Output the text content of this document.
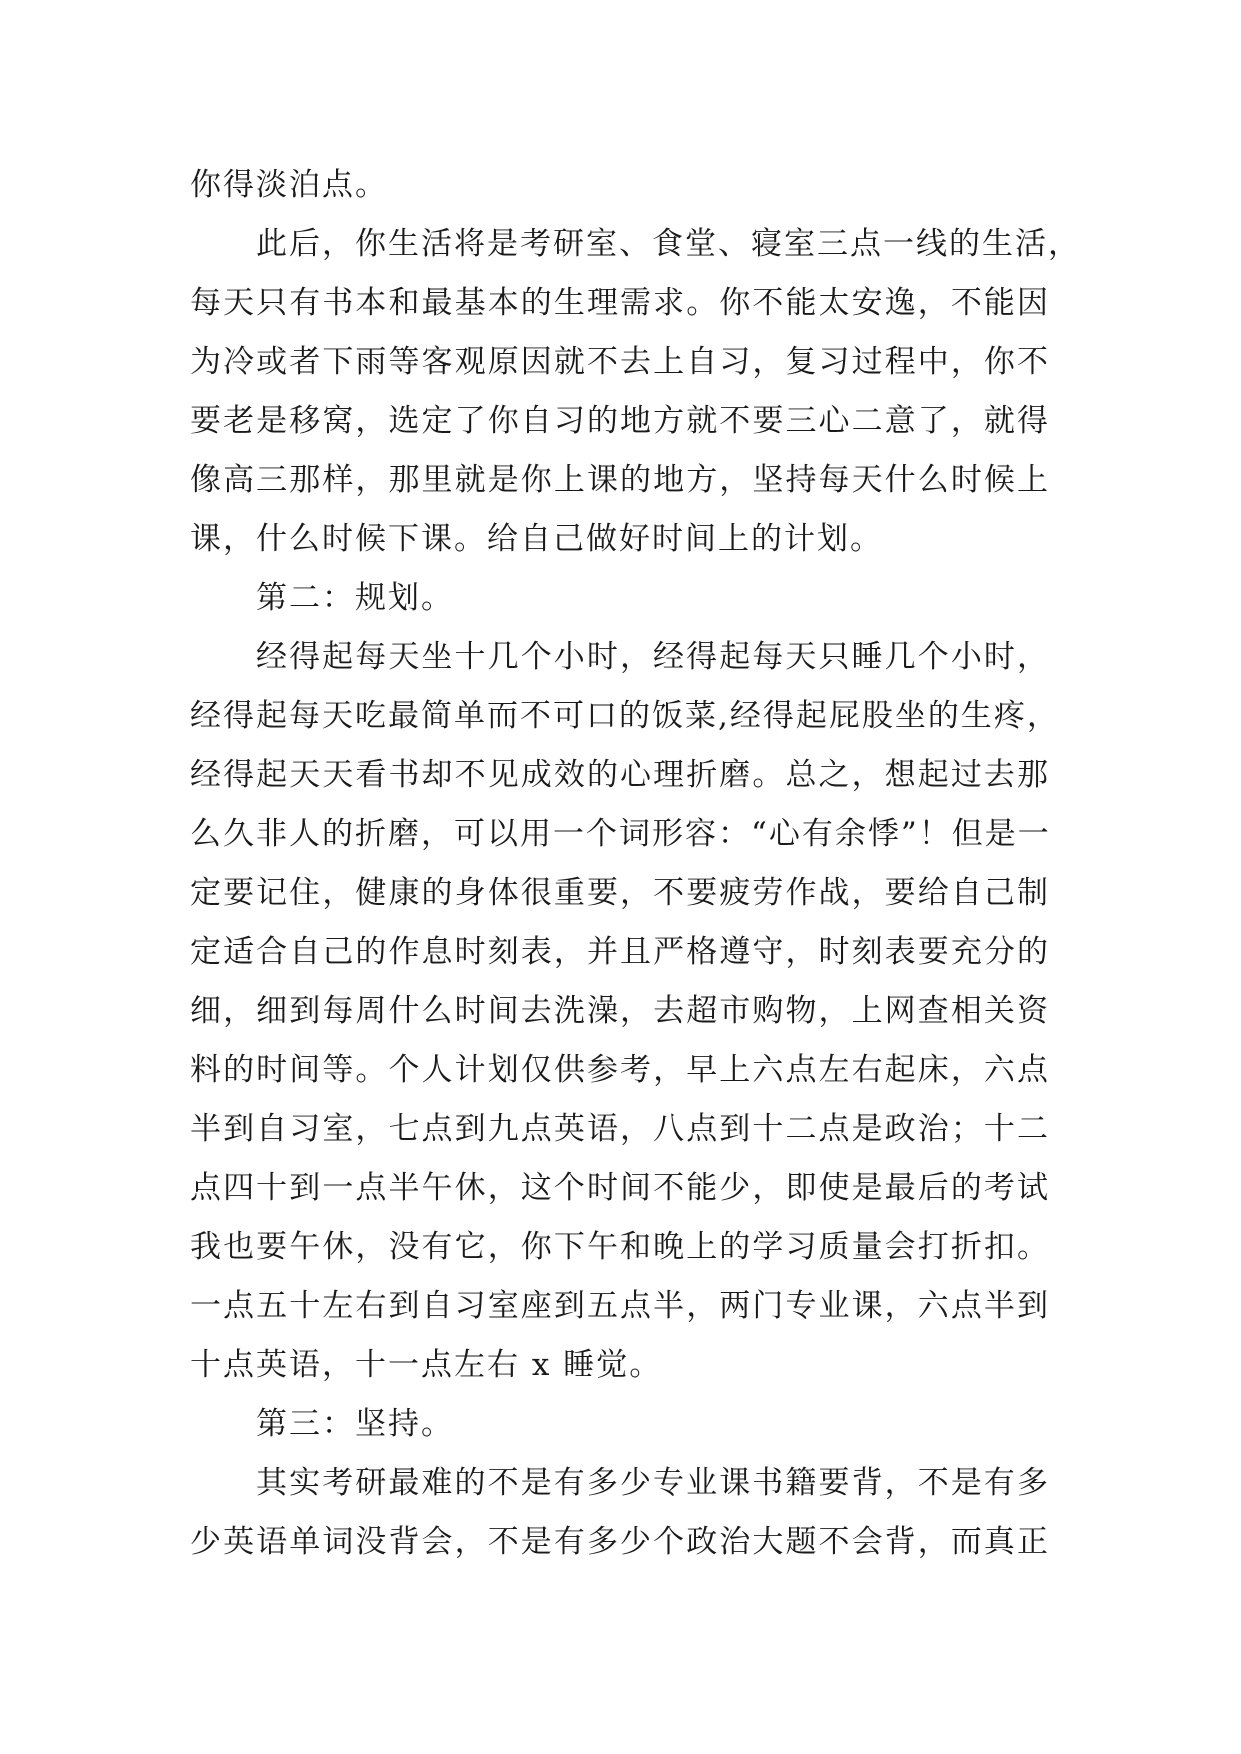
你得淡泊点。
此后，你生活将是考研室、食堂、寝室三点一线的生活，
每天只有书本和最基本的生理需求。你不能太安逸，不能因
为冷或者下雨等客观原因就不去上自习，复习过程中，你不
要老是移窝，选定了你自习的地方就不要三心二意了，就得
像高三那样，那里就是你上课的地方，坚持每天什么时候上
课，什么时候下课。给自己做好时间上的计划。
第二：规划。
经得起每天坐十几个小时，经得起每天只睡几个小时，
经得起每天吃最简单而不可口的饭菜,经得起屁股坐的生疼，
经得起天天看书却不见成效的心理折磨。总之，想起过去那
么久非人的折磨，可以用一个词形容：“心有余悸”！但是一
定要记住，健康的身体很重要，不要疲劳作战，要给自己制
定适合自己的作息时刻表，并且严格遵守，时刻表要充分的
细，细到每周什么时间去洗澡，去超市购物，上网查相关资
料的时间等。个人计划仅供参考，早上六点左右起床，六点
半到自习室，七点到九点英语，八点到十二点是政治；十二
点四十到一点半午休，这个时间不能少，即使是最后的考试
我也要午休，没有它，你下午和晚上的学习质量会打折扣。
一点五十左右到自习室座到五点半，两门专业课，六点半到
十点英语，十一点左右 x 睡觉。
第三：坚持。
其实考研最难的不是有多少专业课书籍要背，不是有多
少英语单词没背会，不是有多少个政治大题不会背，而真正
